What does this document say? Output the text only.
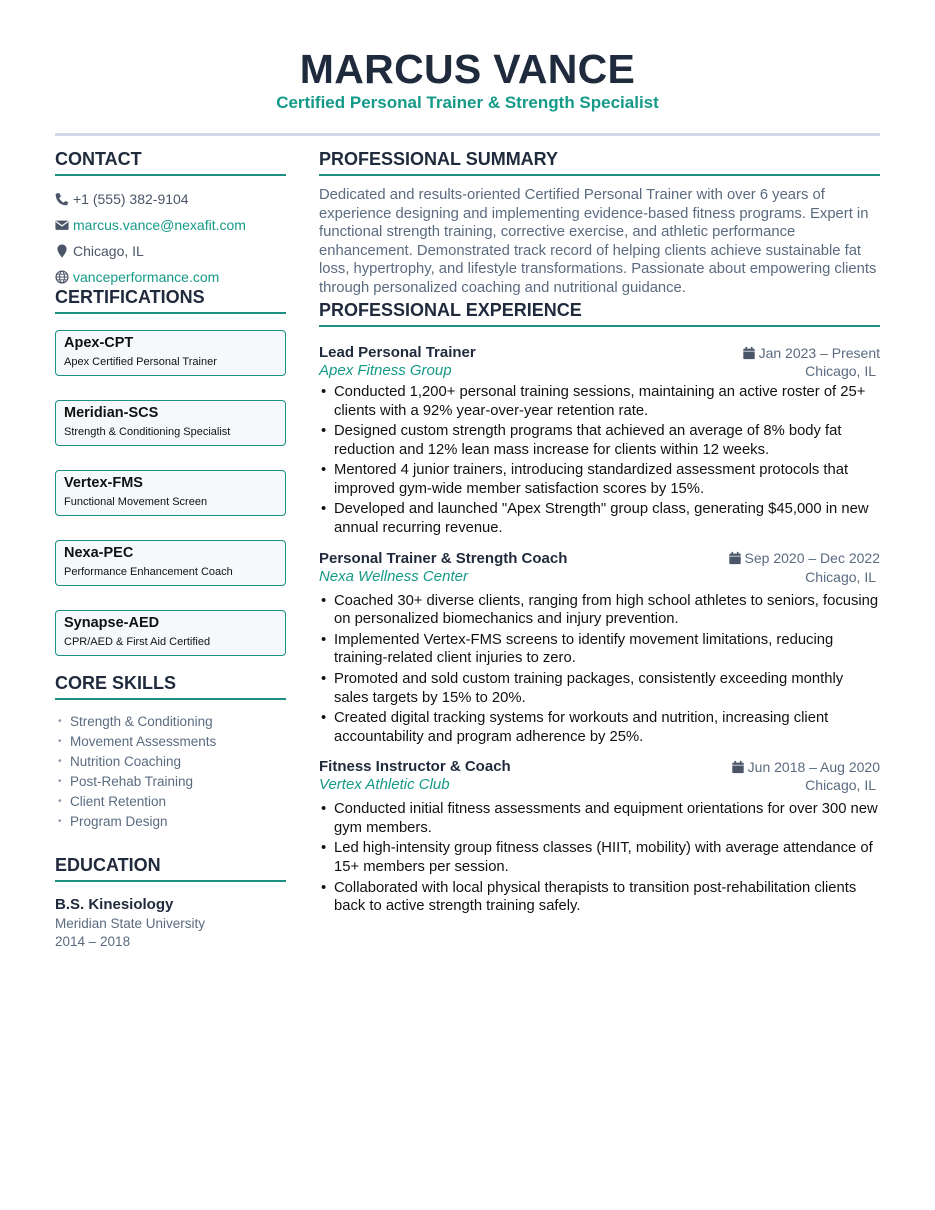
MARCUS VANCE
Certified Personal Trainer & Strength Specialist
CONTACT
+1 (555) 382-9104
marcus.vance@nexafit.com
Chicago, IL
vanceperformance.com
CERTIFICATIONS
Apex-CPT
Apex Certified Personal Trainer
Meridian-SCS
Strength & Conditioning Specialist
Vertex-FMS
Functional Movement Screen
Nexa-PEC
Performance Enhancement Coach
Synapse-AED
CPR/AED & First Aid Certified
CORE SKILLS
• Strength & Conditioning
• Movement Assessments
• Nutrition Coaching
• Post-Rehab Training
• Client Retention
• Program Design
EDUCATION
B.S. Kinesiology
Meridian State University
2014 – 2018
PROFESSIONAL SUMMARY
Dedicated and results-oriented Certified Personal Trainer with over 6 years of experience designing and implementing evidence-based fitness programs. Expert in functional strength training, corrective exercise, and athletic performance enhancement. Demonstrated track record of helping clients achieve sustainable fat loss, hypertrophy, and lifestyle transformations. Passionate about empowering clients through personalized coaching and nutritional guidance.
PROFESSIONAL EXPERIENCE
Lead Personal Trainer	Jan 2023 – Present
Apex Fitness Group	Chicago, IL
• Conducted 1,200+ personal training sessions, maintaining an active roster of 25+ clients with a 92% year-over-year retention rate.
• Designed custom strength programs that achieved an average of 8% body fat reduction and 12% lean mass increase for clients within 12 weeks.
• Mentored 4 junior trainers, introducing standardized assessment protocols that improved gym-wide member satisfaction scores by 15%.
• Developed and launched "Apex Strength" group class, generating $45,000 in new annual recurring revenue.
Personal Trainer & Strength Coach	Sep 2020 – Dec 2022
Nexa Wellness Center	Chicago, IL
• Coached 30+ diverse clients, ranging from high school athletes to seniors, focusing on personalized biomechanics and injury prevention.
• Implemented Vertex-FMS screens to identify movement limitations, reducing training-related client injuries to zero.
• Promoted and sold custom training packages, consistently exceeding monthly sales targets by 15% to 20%.
• Created digital tracking systems for workouts and nutrition, increasing client accountability and program adherence by 25%.
Fitness Instructor & Coach	Jun 2018 – Aug 2020
Vertex Athletic Club	Chicago, IL
• Conducted initial fitness assessments and equipment orientations for over 300 new gym members.
• Led high-intensity group fitness classes (HIIT, mobility) with average attendance of 15+ members per session.
• Collaborated with local physical therapists to transition post-rehabilitation clients back to active strength training safely.
